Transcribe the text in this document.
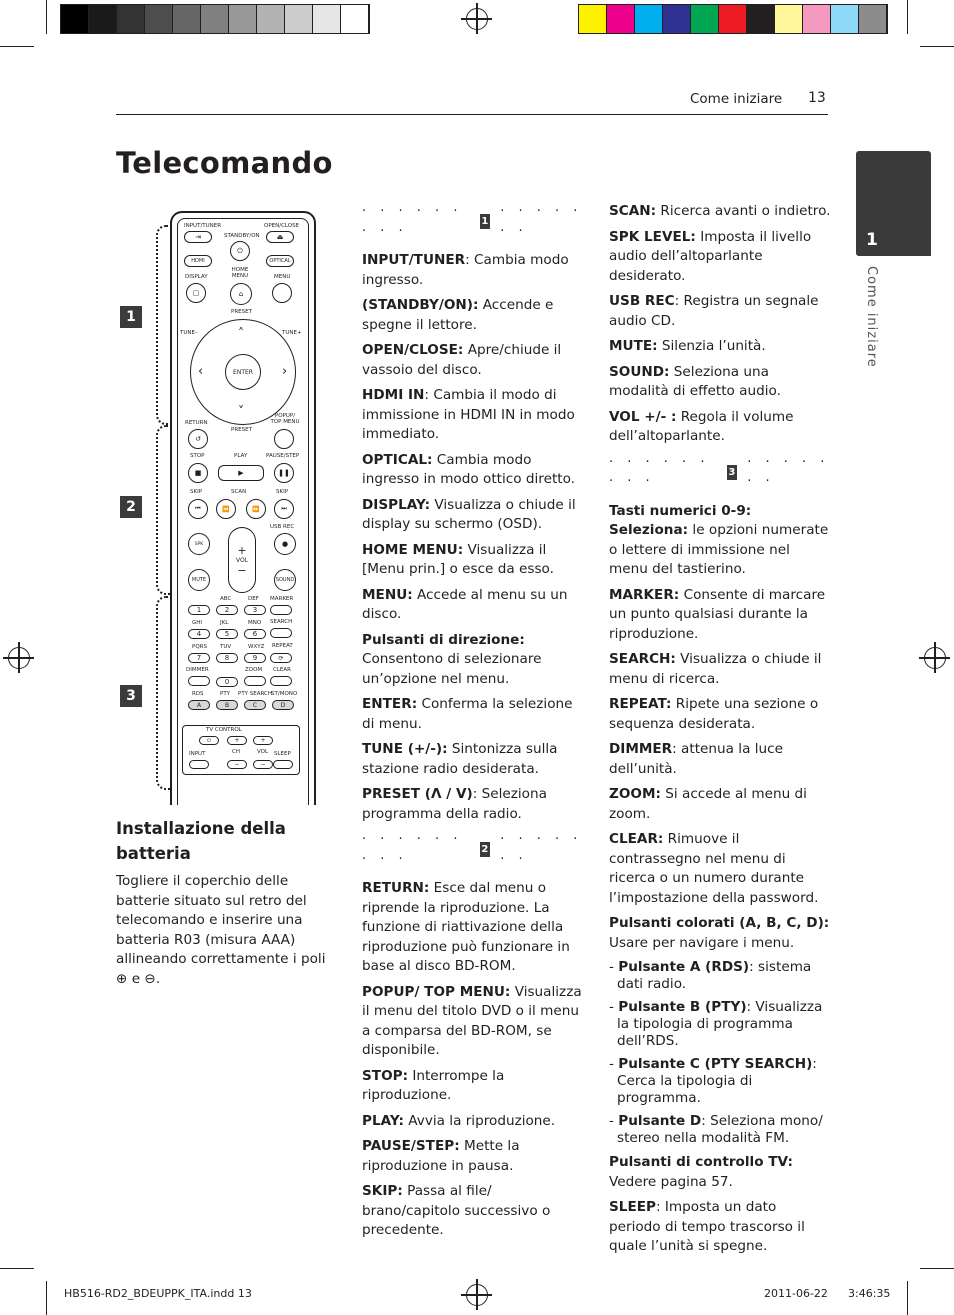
Come iniziare 13
Telecomando
1
Come iniziare
1
2
3
INPUT/TUNER	OPEN/CLOSE
⇥	⏏
STANDBY/ON
⏻
HDMI	OPTICAL
DISPLAY
HOME MENU	MENU
▢	⌂
PRESET
TUNE–	TUNE+
ENTER
˄
˅
‹	›
RETURN
POPUP/ TOP MENU
PRESET
↺
STOP	PLAY	PAUSE/STEP
■	▶	❚❚
SKIP	SCAN	SKIP
⏮	⏪	⏩	⏭
USB REC
SPK	+
VOL
−
●
MUTE	SOUND
MARKER
1
ABC
2
DEF
3
GHI
4
JKL
5
MNO
6
PQRS
7
TUV
8
WXYZ
9
0
SEARCH
REPEAT
⟳
DIMMER	ZOOM CLEAR
RDS	PTY PTY SEARCH
ST/MONO
A	B	C	D
TV CONTROL
⏻	+	+
INPUT	CH	VOL SLEEP
−	−
Installazione della batteria
Togliere il coperchio delle batterie situato sul retro del telecomando e inserire una batteria R03 (misura AAA) allineando correttamente i poli ⊕ e ⊖.
· · · · · · · · ·
1
· · · · · · ·

INPUT/TUNER: Cambia modo ingresso.

(STANDBY/ON): Accende e spegne il lettore.

OPEN/CLOSE: Apre/chiude il vassoio del disco.

HDMI IN: Cambia il modo di immissione in HDMI IN in modo immediato.

OPTICAL: Cambia modo ingresso in modo ottico diretto.

DISPLAY: Visualizza o chiude il display su schermo (OSD).

HOME MENU: Visualizza il [Menu prin.] o esce da esso.

MENU: Accede al menu su un disco.

Pulsanti di direzione: Consentono di selezionare un’opzione nel menu.

ENTER: Conferma la selezione di menu.

TUNE (+/-): Sintonizza sulla stazione radio desiderata.

PRESET (Λ / V): Seleziona programma della radio.

· · · · · · · · ·
2
· · · · · · ·

RETURN: Esce dal menu o riprende la riproduzione. La funzione di riattivazione della riproduzione può funzionare in base al disco BD-ROM.

POPUP/ TOP MENU: Visualizza il menu del titolo DVD o il menu a comparsa del BD-ROM, se disponibile.

STOP: Interrompe la riproduzione.

PLAY: Avvia la riproduzione.

PAUSE/STEP: Mette la riproduzione in pausa.

SKIP: Passa al file/ brano/capitolo successivo o precedente.

SCAN: Ricerca avanti o indietro.

SPK LEVEL: Imposta il livello audio dell’altoparlante desiderato.

USB REC: Registra un segnale audio CD.

MUTE: Silenzia l’unità.

SOUND: Seleziona una modalità di effetto audio.

VOL +/- : Regola il volume dell’altoparlante.

· · · · · · · · ·
3
· · · · · · ·

Tasti numerici 0-9: Seleziona: le opzioni numerate o lettere di immissione nel menu del tastierino.

MARKER: Consente di marcare un punto qualsiasi durante la riproduzione.

SEARCH: Visualizza o chiude il menu di ricerca.

REPEAT: Ripete una sezione o sequenza desiderata.

DIMMER: attenua la luce dell’unità.

ZOOM: Si accede al menu di zoom.

CLEAR: Rimuove il contrassegno nel menu di ricerca o un numero durante l’impostazione della password.

Pulsanti colorati (A, B, C, D): Usare per navigare i menu.

- Pulsante A (RDS): sistema dati radio.

- Pulsante B (PTY): Visualizza la tipologia di programma dell’RDS.

- Pulsante C (PTY SEARCH): Cerca la tipologia di programma.

- Pulsante D: Seleziona mono/ stereo nella modalità FM.

Pulsanti di controllo TV: Vedere pagina 57.

SLEEP: Imposta un dato periodo di tempo trascorso il quale l’unità si spegne.

HB516-RD2_BDEUPPK_ITA.indd 13	2011-06-22 3:46:35
